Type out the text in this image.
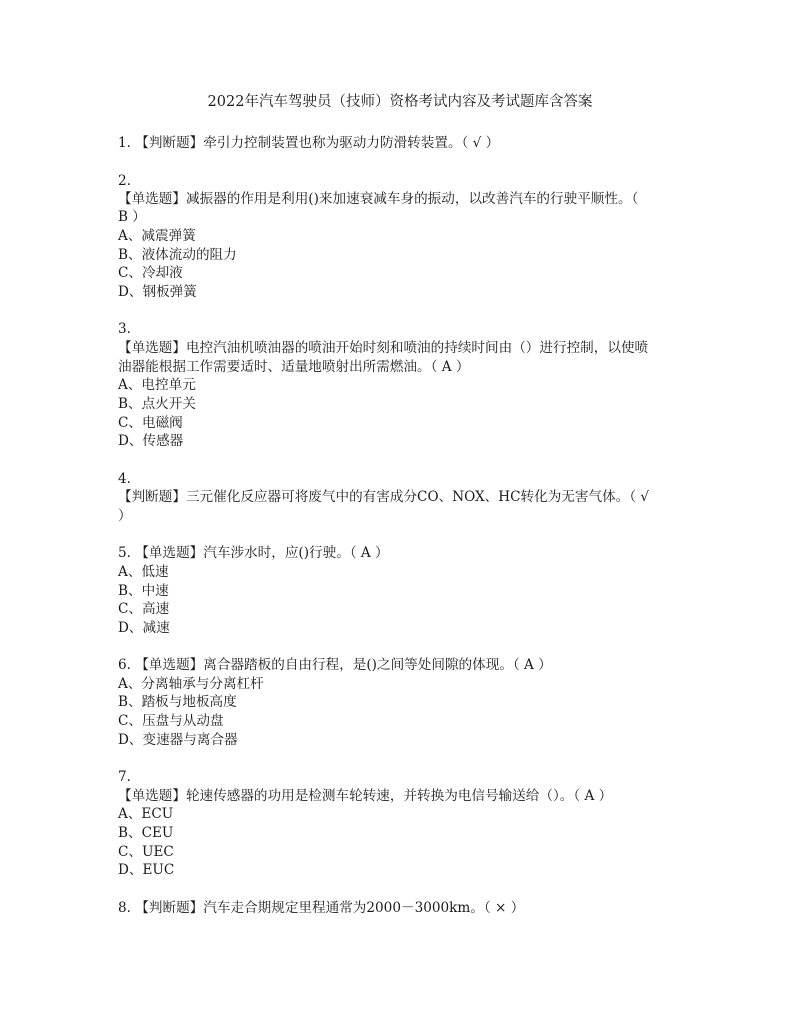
2022年汽车驾驶员（技师）资格考试内容及考试题库含答案
1. 【判断题】牵引力控制装置也称为驱动力防滑转装置。（ √ ）
2.
【单选题】减振器的作用是利用()来加速衰减车身的振动，以改善汽车的行驶平顺性。（
B ）
A、减震弹簧
B、液体流动的阻力
C、冷却液
D、钢板弹簧
3.
【单选题】电控汽油机喷油器的喷油开始时刻和喷油的持续时间由（）进行控制，以使喷
油器能根据工作需要适时、适量地喷射出所需燃油。（ A ）
A、电控单元
B、点火开关
C、电磁阀
D、传感器
4.
【判断题】三元催化反应器可将废气中的有害成分CO、NOX、HC转化为无害气体。（ √
）
5. 【单选题】汽车涉水时，应()行驶。（ A ）
A、低速
B、中速
C、高速
D、减速
6. 【单选题】离合器踏板的自由行程，是()之间等处间隙的体现。（ A ）
A、分离轴承与分离杠杆
B、踏板与地板高度
C、压盘与从动盘
D、变速器与离合器
7.
【单选题】轮速传感器的功用是检测车轮转速，并转换为电信号输送给（）。（ A ）
A、ECU
B、CEU
C、UEC
D、EUC
8. 【判断题】汽车走合期规定里程通常为2000－3000km。（ × ）
